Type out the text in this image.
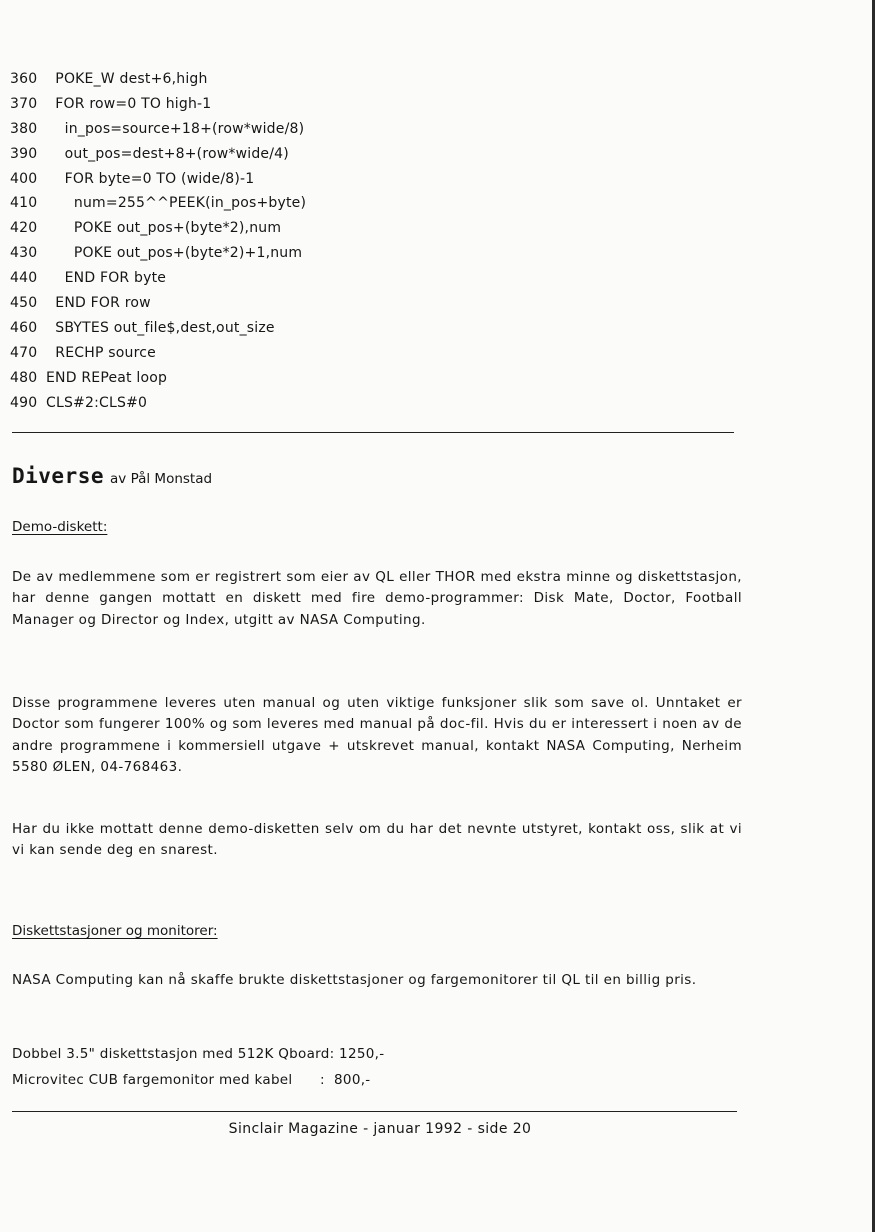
360  POKE_W dest+6,high
370  FOR row=0 TO high-1
380    in_pos=source+18+(row*wide/8)
390    out_pos=dest+8+(row*wide/4)
400    FOR byte=0 TO (wide/8)-1
410      num=255^^PEEK(in_pos+byte)
420      POKE out_pos+(byte*2),num
430      POKE out_pos+(byte*2)+1,num
440    END FOR byte
450  END FOR row
460  SBYTES out_file$,dest,out_size
470  RECHP source
480 END REPeat loop
490 CLS#2:CLS#0
Diverse av Pål Monstad
Demo-diskett:
De av medlemmene som er registrert som eier av QL eller THOR med ekstra minne og diskettstasjon, har denne gangen mottatt en diskett med fire demo-programmer: Disk Mate, Doctor, Football Manager og Director og Index, utgitt av NASA Computing.
Disse programmene leveres uten manual og uten viktige funksjoner slik som save ol. Unntaket er Doctor som fungerer 100% og som leveres med manual på doc-fil. Hvis du er interessert i noen av de andre programmene i kommersiell utgave + utskrevet manual, kontakt NASA Computing, Nerheim 5580 ØLEN, 04-768463.
Har du ikke mottatt denne demo-disketten selv om du har det nevnte utstyret, kontakt oss, slik at vi vi kan sende deg en snarest.
Diskettstasjoner og monitorer:
NASA Computing kan nå skaffe brukte diskettstasjoner og fargemonitorer til QL til en billig pris.
Dobbel 3.5" diskettstasjon med 512K Qboard: 1250,-
Microvitec CUB fargemonitor med kabel      :  800,-
Sinclair Magazine - januar 1992 - side 20
